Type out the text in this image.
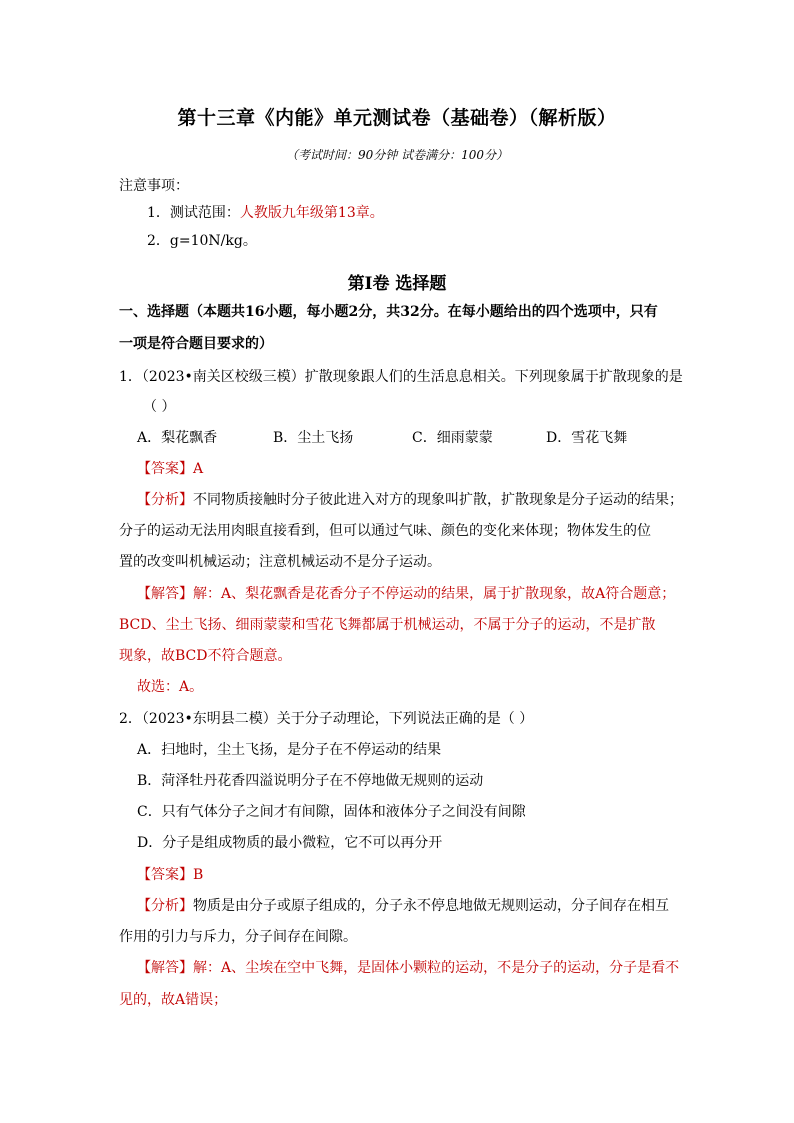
第十三章《内能》单元测试卷（基础卷）（解析版）
（考试时间：90分钟 试卷满分：100分）
注意事项：
1．测试范围：人教版九年级第13章。
2．g=10N/kg。
第Ⅰ卷 选择题
一、选择题（本题共16小题，每小题2分，共32分。在每小题给出的四个选项中，只有
一项是符合题目要求的）
1．（2023•南关区校级三模）扩散现象跟人们的生活息息相关。下列现象属于扩散现象的是
（ ）
A．梨花飘香	B．尘土飞扬	C．细雨蒙蒙	D．雪花飞舞
【答案】A
【分析】不同物质接触时分子彼此进入对方的现象叫扩散，扩散现象是分子运动的结果；
分子的运动无法用肉眼直接看到，但可以通过气味、颜色的变化来体现；物体发生的位
置的改变叫机械运动；注意机械运动不是分子运动。
【解答】解：A、梨花飘香是花香分子不停运动的结果，属于扩散现象，故A符合题意；
BCD、尘土飞扬、细雨蒙蒙和雪花飞舞都属于机械运动，不属于分子的运动，不是扩散
现象，故BCD不符合题意。
故选：A。
2．（2023•东明县二模）关于分子动理论，下列说法正确的是（ ）
A．扫地时，尘土飞扬，是分子在不停运动的结果
B．菏泽牡丹花香四溢说明分子在不停地做无规则的运动
C．只有气体分子之间才有间隙，固体和液体分子之间没有间隙
D．分子是组成物质的最小微粒，它不可以再分开
【答案】B
【分析】物质是由分子或原子组成的，分子永不停息地做无规则运动，分子间存在相互
作用的引力与斥力，分子间存在间隙。
【解答】解：A、尘埃在空中飞舞，是固体小颗粒的运动，不是分子的运动，分子是看不
见的，故A错误；
